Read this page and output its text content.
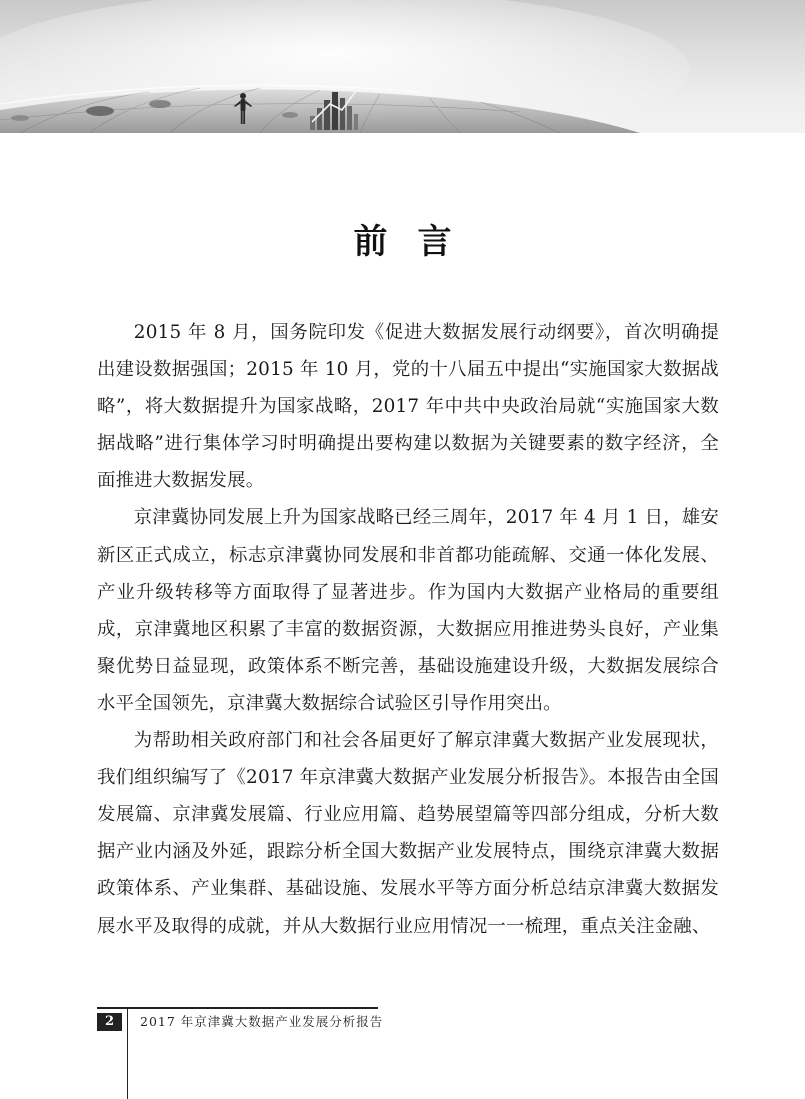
前言

2015 年 8 月，国务院印发《促进大数据发展行动纲要》，首次明确提出建设数据强国；2015 年 10 月，党的十八届五中提出“实施国家大数据战略”，将大数据提升为国家战略，2017 年中共中央政治局就“实施国家大数据战略”进行集体学习时明确提出要构建以数据为关键要素的数字经济，全面推进大数据发展。

京津冀协同发展上升为国家战略已经三周年，2017 年 4 月 1 日，雄安新区正式成立，标志京津冀协同发展和非首都功能疏解、交通一体化发展、产业升级转移等方面取得了显著进步。作为国内大数据产业格局的重要组成，京津冀地区积累了丰富的数据资源，大数据应用推进势头良好，产业集聚优势日益显现，政策体系不断完善，基础设施建设升级，大数据发展综合水平全国领先，京津冀大数据综合试验区引导作用突出。

为帮助相关政府部门和社会各届更好了解京津冀大数据产业发展现状，我们组织编写了《2017 年京津冀大数据产业发展分析报告》。本报告由全国发展篇、京津冀发展篇、行业应用篇、趋势展望篇等四部分组成，分析大数据产业内涵及外延，跟踪分析全国大数据产业发展特点，围绕京津冀大数据政策体系、产业集群、基础设施、发展水平等方面分析总结京津冀大数据发展水平及取得的成就，并从大数据行业应用情况一一梳理，重点关注金融、

2	2017 年京津冀大数据产业发展分析报告
